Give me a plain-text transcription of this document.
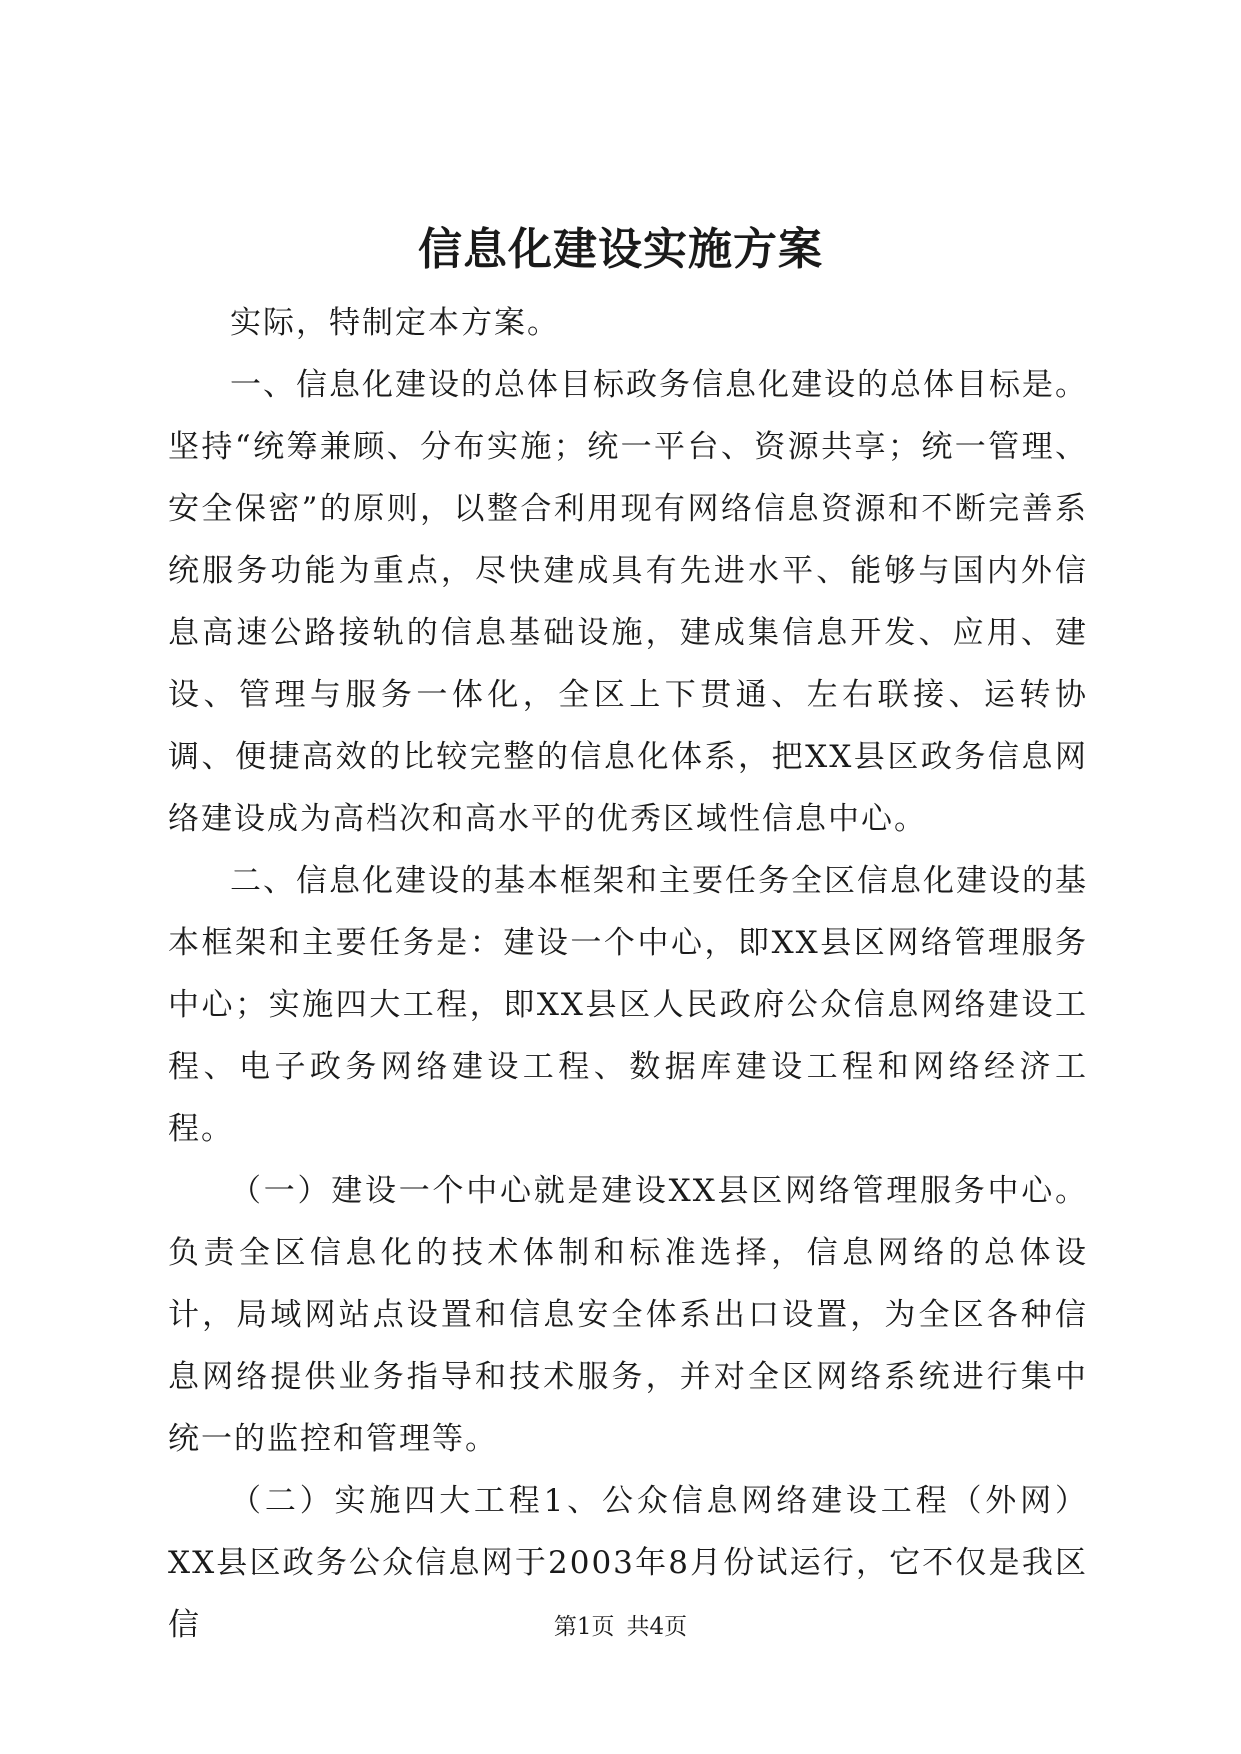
信息化建设实施方案

实际，特制定本方案。

一、信息化建设的总体目标政务信息化建设的总体目标是。坚持“统筹兼顾、分布实施；统一平台、资源共享；统一管理、安全保密”的原则，以整合利用现有网络信息资源和不断完善系统服务功能为重点，尽快建成具有先进水平、能够与国内外信息高速公路接轨的信息基础设施，建成集信息开发、应用、建设、管理与服务一体化，全区上下贯通、左右联接、运转协调、便捷高效的比较完整的信息化体系，把XX县区政务信息网络建设成为高档次和高水平的优秀区域性信息中心。

二、信息化建设的基本框架和主要任务全区信息化建设的基本框架和主要任务是：建设一个中心，即XX县区网络管理服务中心；实施四大工程，即XX县区人民政府公众信息网络建设工程、电子政务网络建设工程、数据库建设工程和网络经济工程。

（一）建设一个中心就是建设XX县区网络管理服务中心。负责全区信息化的技术体制和标准选择，信息网络的总体设计，局域网站点设置和信息安全体系出口设置，为全区各种信息网络提供业务指导和技术服务，并对全区网络系统进行集中统一的监控和管理等。

（二）实施四大工程1、公众信息网络建设工程（外网）XX县区政务公众信息网于2003年8月份试运行，它不仅是我区信	第1页 共4页
